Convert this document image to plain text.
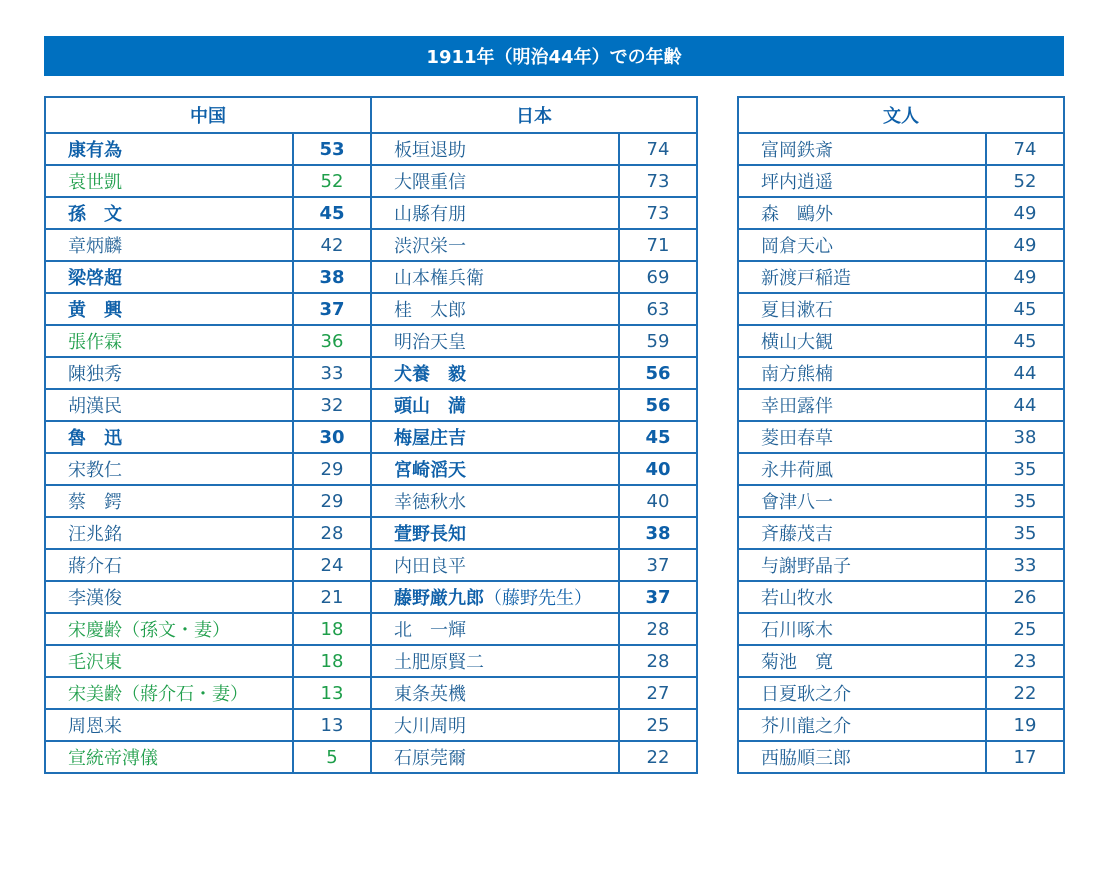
1911年（明治44年）での年齢
中国	
康有為	53
袁世凱	52
孫　文	45
章炳麟	42
梁啓超	38
黄　興	37
張作霖	36
陳独秀	33
胡漢民	32
魯　迅	30
宋教仁	29
蔡　鍔	29
汪兆銘	28
蔣介石	24
李漢俊	21
宋慶齢（孫文・妻）	18
毛沢東	18
宋美齢（蔣介石・妻）	13
周恩来	13
宣統帝溥儀	5
日本	
板垣退助	74
大隈重信	73
山縣有朋	73
渋沢栄一	71
山本権兵衛	69
桂　太郎	63
明治天皇	59
犬養　毅	56
頭山　満	56
梅屋庄吉	45
宮崎滔天	40
幸徳秋水	40
萱野長知	38
内田良平	37
藤野厳九郎（藤野先生）	37
北　一輝	28
土肥原賢二	28
東条英機	27
大川周明	25
石原莞爾	22
文人	
富岡鉄斎	74
坪内逍遥	52
森　鷗外	49
岡倉天心	49
新渡戸稲造	49
夏目漱石	45
横山大観	45
南方熊楠	44
幸田露伴	44
菱田春草	38
永井荷風	35
會津八一	35
斉藤茂吉	35
与謝野晶子	33
若山牧水	26
石川啄木	25
菊池　寛	23
日夏耿之介	22
芥川龍之介	19
西脇順三郎	17
